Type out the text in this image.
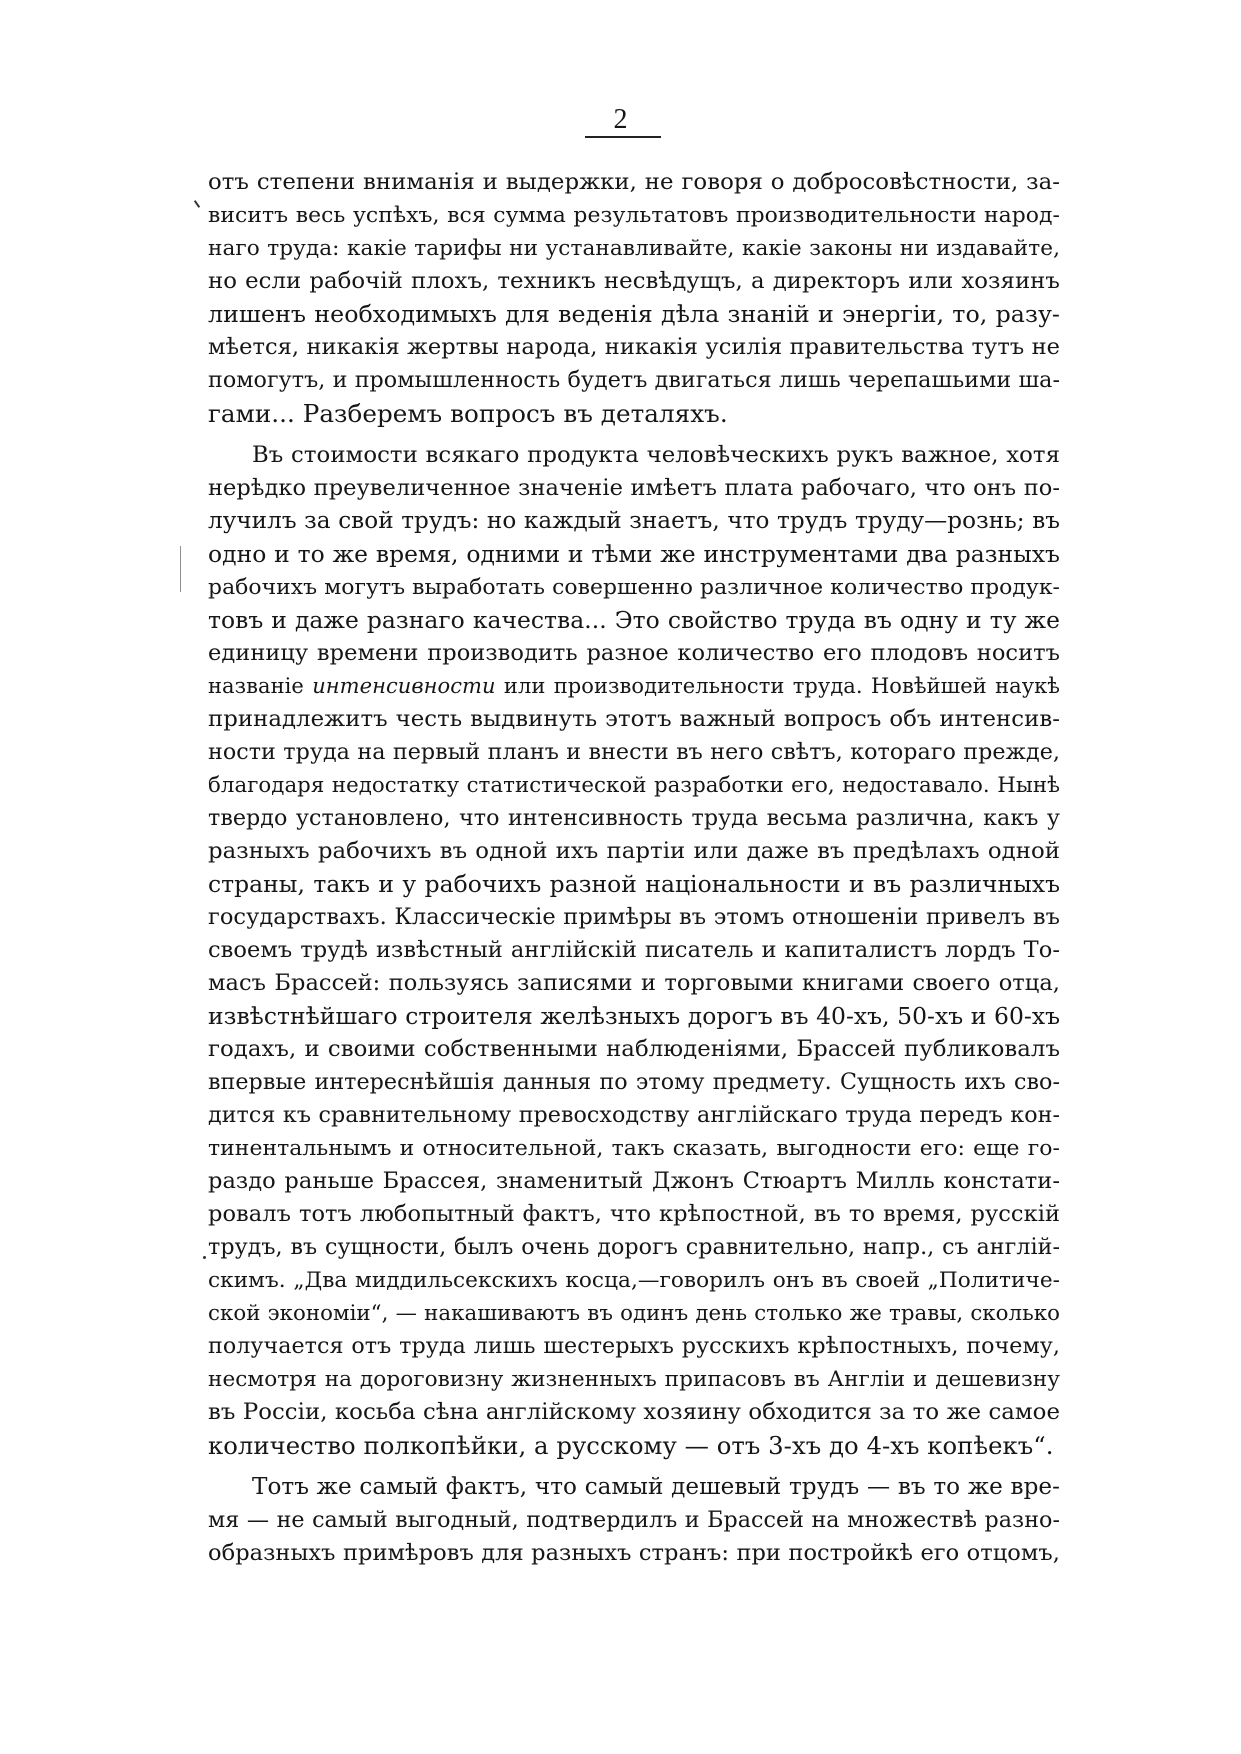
2
отъ степени вниманія и выдержки, не говоря о добросовѣстности, за-
виситъ весь успѣхъ, вся сумма результатовъ производительности народ-
наго труда: какіе тарифы ни устанавливайте, какіе законы ни издавайте,
но если рабочій плохъ, техникъ несвѣдущъ, а директоръ или хозяинъ
лишенъ необходимыхъ для веденія дѣла знаній и энергіи, то, разу-
мѣется, никакія жертвы народа, никакія усилія правительства тутъ не
помогутъ, и промышленность будетъ двигаться лишь черепашьими ша-
гами... Разберемъ вопросъ въ деталяхъ.
Въ стоимости всякаго продукта человѣческихъ рукъ важное, хотя
нерѣдко преувеличенное значеніе имѣетъ плата рабочаго, что онъ по-
лучилъ за свой трудъ: но каждый знаетъ, что трудъ труду—рознь; въ
одно и то же время, одними и тѣми же инструментами два разныхъ
рабочихъ могутъ выработать совершенно различное количество продук-
товъ и даже разнаго качества... Это свойство труда въ одну и ту же
единицу времени производить разное количество его плодовъ носитъ
названіе интенсивности или производительности труда. Новѣйшей наукѣ
принадлежитъ честь выдвинуть этотъ важный вопросъ объ интенсив-
ности труда на первый планъ и внести въ него свѣтъ, котораго прежде,
благодаря недостатку статистической разработки его, недоставало. Нынѣ
твердо установлено, что интенсивность труда весьма различна, какъ у
разныхъ рабочихъ въ одной ихъ партіи или даже въ предѣлахъ одной
страны, такъ и у рабочихъ разной національности и въ различныхъ
государствахъ. Классическіе примѣры въ этомъ отношеніи привелъ въ
своемъ трудѣ извѣстный англійскій писатель и капиталистъ лордъ То-
масъ Брассей: пользуясь записями и торговыми книгами своего отца,
извѣстнѣйшаго строителя желѣзныхъ дорогъ въ 40-хъ, 50-хъ и 60-хъ
годахъ, и своими собственными наблюденіями, Брассей публиковалъ
впервые интереснѣйшія данныя по этому предмету. Сущность ихъ сво-
дится къ сравнительному превосходству англійскаго труда передъ кон-
тинентальнымъ и относительной, такъ сказать, выгодности его: еще го-
раздо раньше Брассея, знаменитый Джонъ Стюартъ Милль констати-
ровалъ тотъ любопытный фактъ, что крѣпостной, въ то время, русскій
трудъ, въ сущности, былъ очень дорогъ сравнительно, напр., съ англій-
скимъ. „Два миддильсекскихъ косца,—говорилъ онъ въ своей „Политиче-
ской экономіи“, — накашиваютъ въ одинъ день столько же травы, сколько
получается отъ труда лишь шестерыхъ русскихъ крѣпостныхъ, почему,
несмотря на дороговизну жизненныхъ припасовъ въ Англіи и дешевизну
въ Россіи, косьба сѣна англійскому хозяину обходится за то же самое
количество полкопѣйки, а русскому — отъ 3-хъ до 4-хъ копѣекъ“.
Тотъ же самый фактъ, что самый дешевый трудъ — въ то же вре-
мя — не самый выгодный, подтвердилъ и Брассей на множествѣ разно-
образныхъ примѣровъ для разныхъ странъ: при постройкѣ его отцомъ,
